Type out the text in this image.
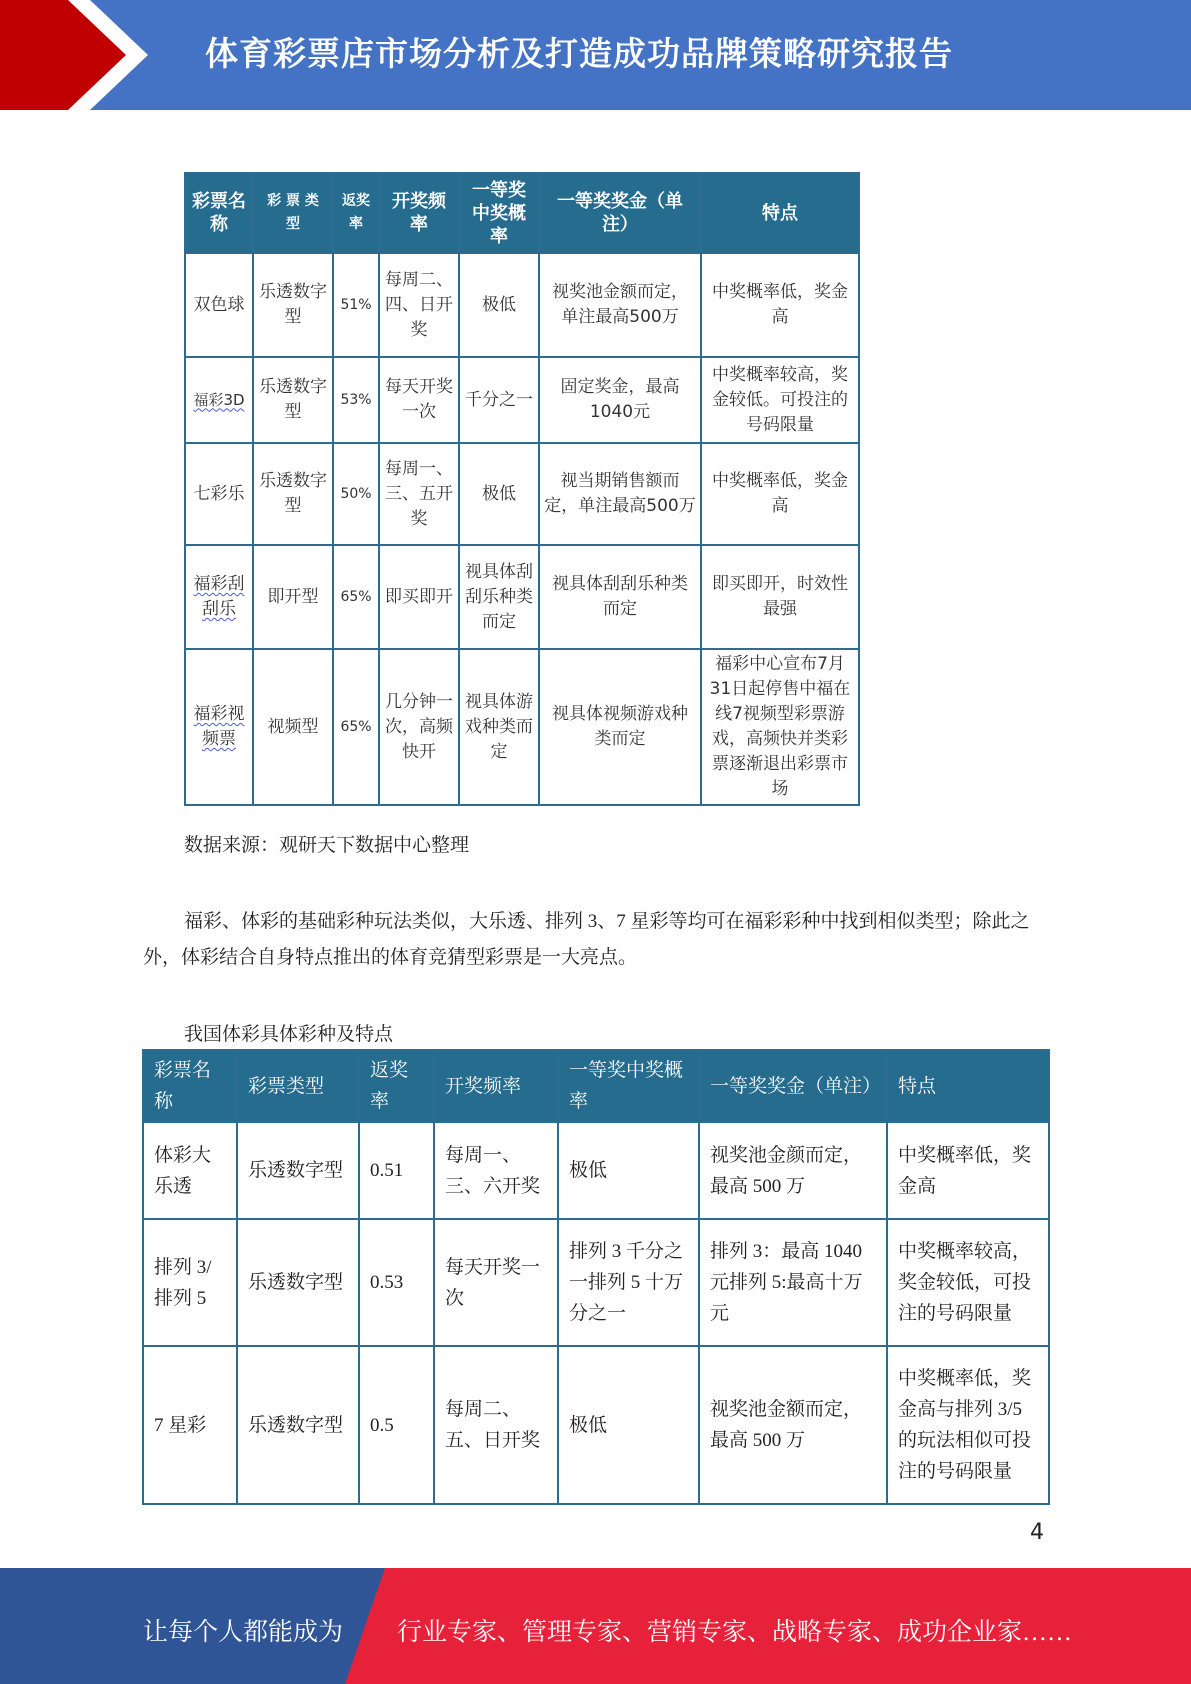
体育彩票店市场分析及打造成功品牌策略研究报告
彩票名称	彩 票 类 型	返奖率	开奖频率	一等奖中奖概率	一等奖奖金（单注）	特点
双色球	乐透数字型	51%	每周二、四、日开奖	极低	视奖池金额而定，单注最高500万	中奖概率低，奖金高
福彩3D	乐透数字型	53%	每天开奖一次	千分之一	固定奖金，最高1040元	中奖概率较高，奖金较低。可投注的号码限量
七彩乐	乐透数字型	50%	每周一、三、五开奖	极低	视当期销售额而定，单注最高500万	中奖概率低，奖金高
福彩刮刮乐	即开型	65%	即买即开	视具体刮刮乐种类而定	视具体刮刮乐种类而定	即买即开，时效性最强
福彩视频票	视频型	65%	几分钟一次，高频快开	视具体游戏种类而定	视具体视频游戏种类而定	福彩中心宣布7月31日起停售中福在线7视频型彩票游戏，高频快并类彩票逐渐退出彩票市场
数据来源：观研天下数据中心整理
福彩、体彩的基础彩种玩法类似，大乐透、排列 3、7 星彩等均可在福彩彩种中找到相似类型；除此之外，体彩结合自身特点推出的体育竞猜型彩票是一大亮点。
我国体彩具体彩种及特点
彩票名称	彩票类型	返奖率	开奖频率	一等奖中奖概率	一等奖奖金（单注）	特点
体彩大乐透	乐透数字型	0.51	每周一、三、六开奖	极低	视奖池金颜而定，最高 500 万	中奖概率低，奖金高
排列 3/排列 5	乐透数字型	0.53	每天开奖一次	排列 3 千分之一排列 5 十万分之一	排列 3：最高 1040 元排列 5:最高十万元	中奖概率较高，奖金较低，可投注的号码限量
7 星彩	乐透数字型	0.5	每周二、五、日开奖	极低	视奖池金额而定，最高 500 万	中奖概率低，奖金高与排列 3/5 的玩法相似可投注的号码限量
4
让每个人都能成为 行业专家、管理专家、营销专家、战略专家、成功企业家……
